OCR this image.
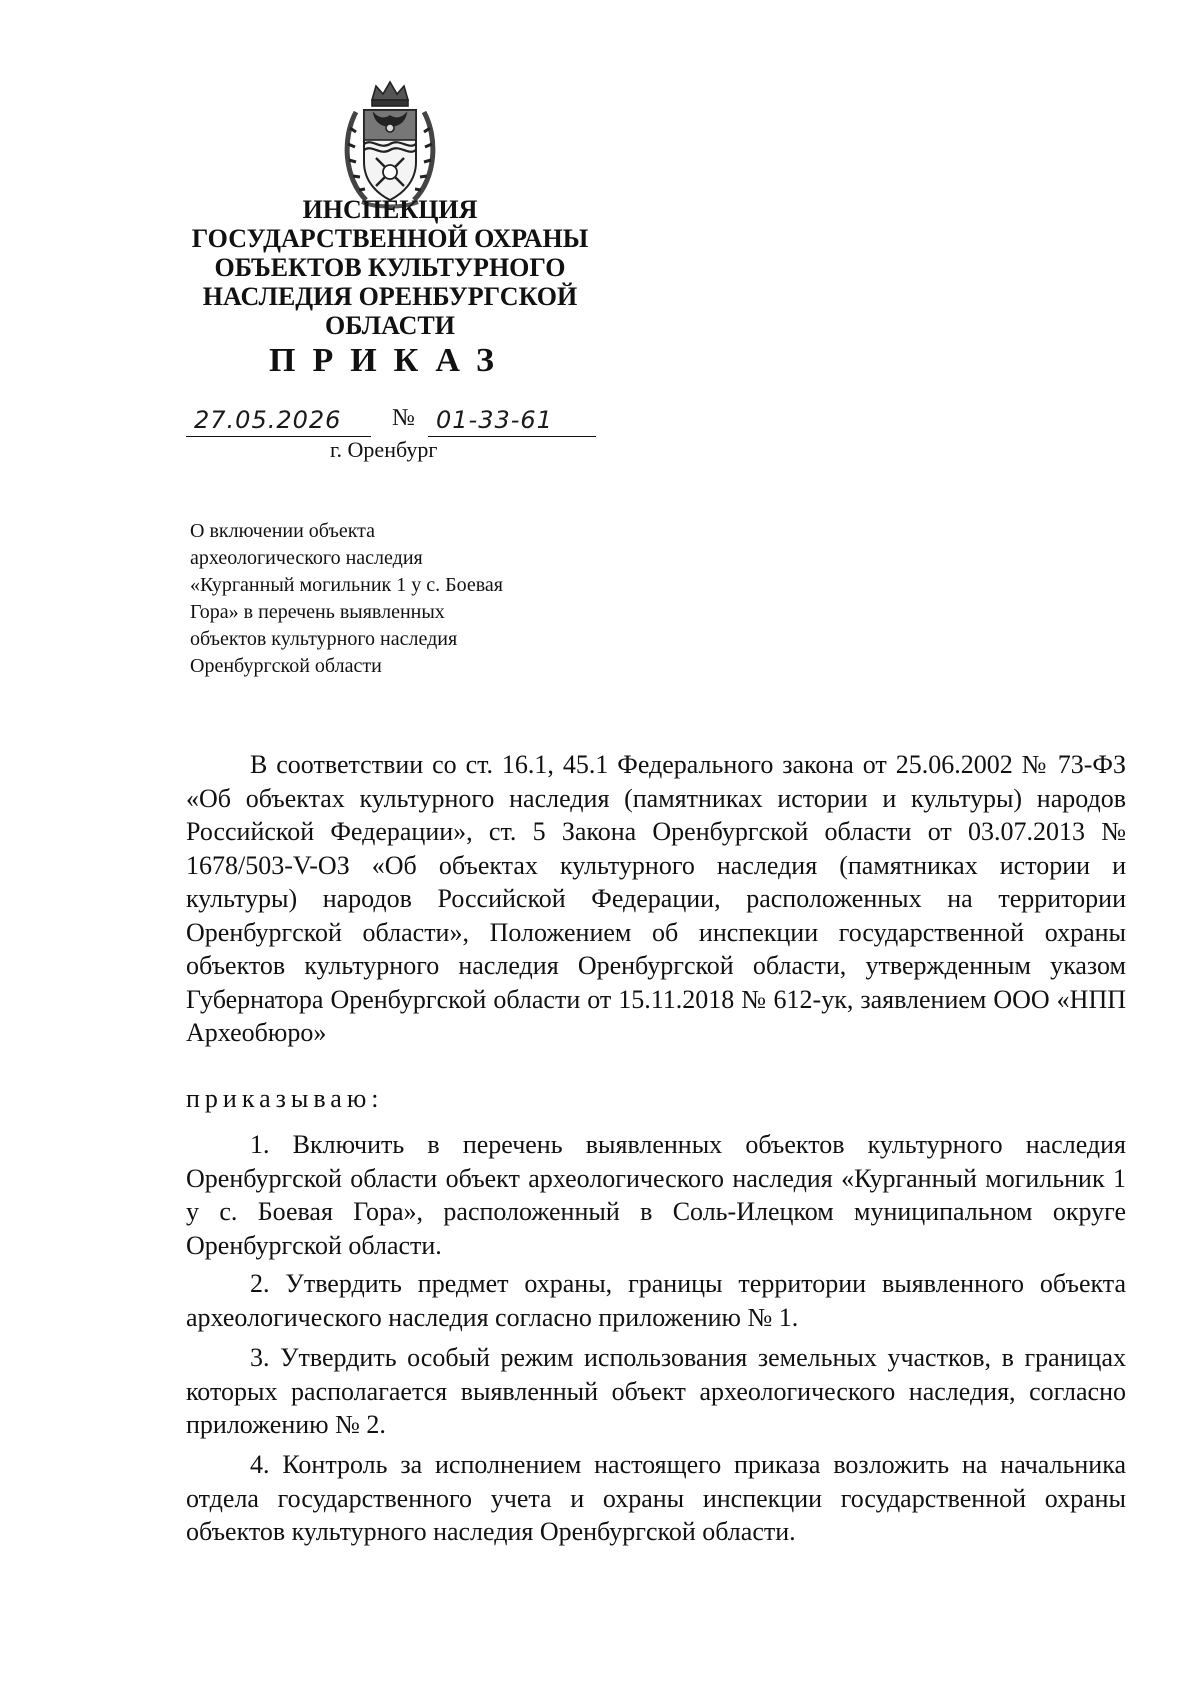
ИНСПЕКЦИЯ
ГОСУДАРСТВЕННОЙ ОХРАНЫ
ОБЪЕКТОВ КУЛЬТУРНОГО
НАСЛЕДИЯ ОРЕНБУРГСКОЙ
ОБЛАСТИ
ПРИКАЗ
27.05.2026 № 01-33-61
г. Оренбург
О включении объекта
археологического наследия
«Курганный могильник 1 у с. Боевая
Гора» в перечень выявленных
объектов культурного наследия
Оренбургской области

В соответствии со ст. 16.1, 45.1 Федерального закона от 25.06.2002 № 73-ФЗ «Об объектах культурного наследия (памятниках истории и культуры) народов Российской Федерации», ст. 5 Закона Оренбургской области от 03.07.2013 № 1678/503-V-ОЗ «Об объектах культурного наследия (памятниках истории и культуры) народов Российской Федерации, расположенных на территории Оренбургской области», Положением об инспекции государственной охраны объектов культурного наследия Оренбургской области, утвержденным указом Губернатора Оренбургской области от 15.11.2018 № 612-ук, заявлением ООО «НПП Археобюро»

приказываю:

1. Включить в перечень выявленных объектов культурного наследия Оренбургской области объект археологического наследия «Курганный могильник 1 у с. Боевая Гора», расположенный в Соль-Илецком муниципальном округе Оренбургской области.

2. Утвердить предмет охраны, границы территории выявленного объекта археологического наследия согласно приложению № 1.

3. Утвердить особый режим использования земельных участков, в границах которых располагается выявленный объект археологического наследия, согласно приложению № 2.

4. Контроль за исполнением настоящего приказа возложить на начальника отдела государственного учета и охраны инспекции государственной охраны объектов культурного наследия Оренбургской области.
